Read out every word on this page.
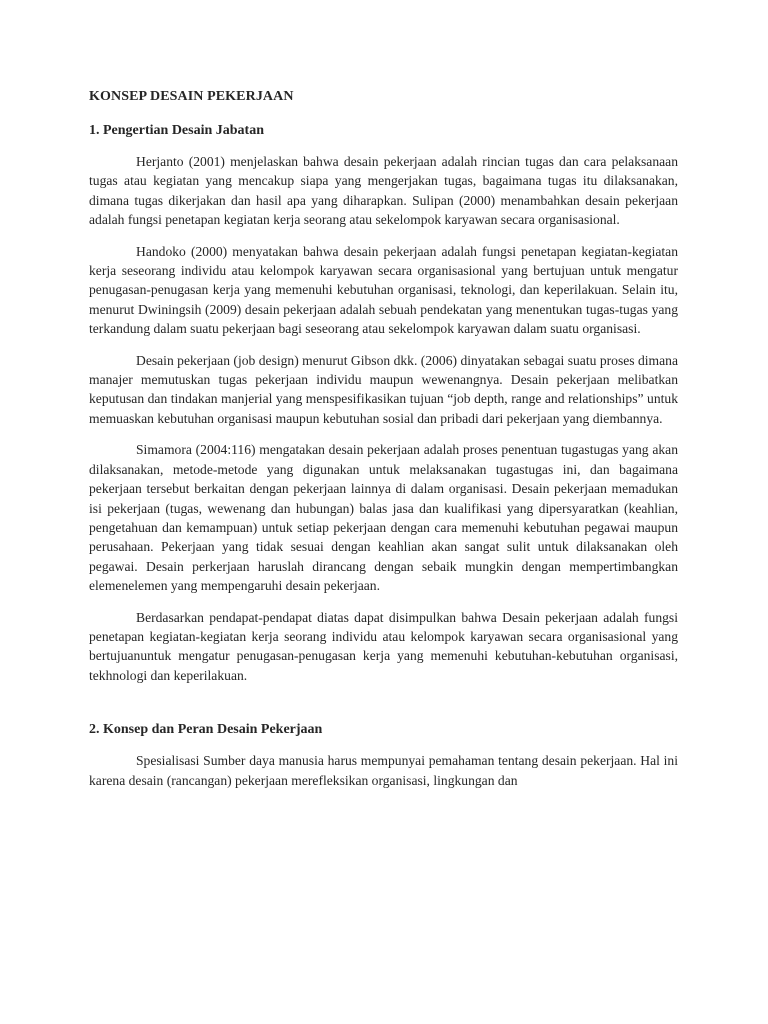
KONSEP DESAIN PEKERJAAN
1. Pengertian Desain Jabatan

Herjanto (2001) menjelaskan bahwa desain pekerjaan adalah rincian tugas dan cara pelaksanaan tugas atau kegiatan yang mencakup siapa yang mengerjakan tugas, bagaimana tugas itu dilaksanakan, dimana tugas dikerjakan dan hasil apa yang diharapkan. Sulipan (2000) menambahkan desain pekerjaan adalah fungsi penetapan kegiatan kerja seorang atau sekelompok karyawan secara organisasional.

Handoko (2000) menyatakan bahwa desain pekerjaan adalah fungsi penetapan kegiatan-kegiatan kerja seseorang individu atau kelompok karyawan secara organisasional yang bertujuan untuk mengatur penugasan-penugasan kerja yang memenuhi kebutuhan organisasi, teknologi, dan keperilakuan. Selain itu, menurut Dwiningsih (2009) desain pekerjaan adalah sebuah pendekatan yang menentukan tugas-tugas yang terkandung dalam suatu pekerjaan bagi seseorang atau sekelompok karyawan dalam suatu organisasi.

Desain pekerjaan (job design) menurut Gibson dkk. (2006) dinyatakan sebagai suatu proses dimana manajer memutuskan tugas pekerjaan individu maupun wewenangnya. Desain pekerjaan melibatkan keputusan dan tindakan manjerial yang menspesifikasikan tujuan “job depth, range and relationships” untuk memuaskan kebutuhan organisasi maupun kebutuhan sosial dan pribadi dari pekerjaan yang diembannya.

Simamora (2004:116) mengatakan desain pekerjaan adalah proses penentuan tugastugas yang akan dilaksanakan, metode-metode yang digunakan untuk melaksanakan tugastugas ini, dan bagaimana pekerjaan tersebut berkaitan dengan pekerjaan lainnya di dalam organisasi. Desain pekerjaan memadukan isi pekerjaan (tugas, wewenang dan hubungan) balas jasa dan kualifikasi yang dipersyaratkan (keahlian, pengetahuan dan kemampuan) untuk setiap pekerjaan dengan cara memenuhi kebutuhan pegawai maupun perusahaan. Pekerjaan yang tidak sesuai dengan keahlian akan sangat sulit untuk dilaksanakan oleh pegawai. Desain perkerjaan haruslah dirancang dengan sebaik mungkin dengan mempertimbangkan elemenelemen yang mempengaruhi desain pekerjaan.

Berdasarkan pendapat-pendapat diatas dapat disimpulkan bahwa Desain pekerjaan adalah fungsi penetapan kegiatan-kegiatan kerja seorang individu atau kelompok karyawan secara organisasional yang bertujuanuntuk mengatur penugasan-penugasan kerja yang memenuhi kebutuhan-kebutuhan organisasi, tekhnologi dan keperilakuan.

2. Konsep dan Peran Desain Pekerjaan

Spesialisasi Sumber daya manusia harus mempunyai pemahaman tentang desain pekerjaan. Hal ini karena desain (rancangan) pekerjaan merefleksikan organisasi, lingkungan dan
